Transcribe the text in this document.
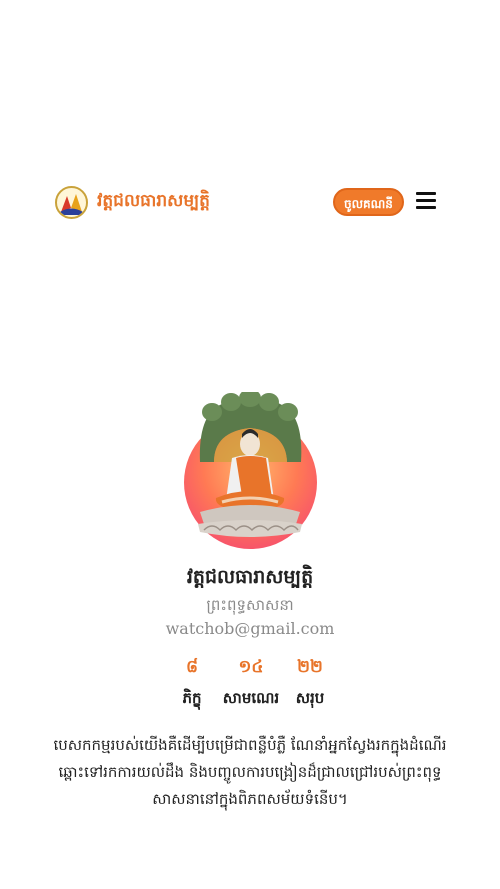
វត្តជលធារាសម្បត្តិ	ចូលគណនី
វត្តជលធារាសម្បត្តិ
ព្រះពុទ្ធសាសនា
watchob@gmail.com
៨
ភិក្ខុ
១៤
សាមណេរ
២២
សរុប
បេសកកម្មរបស់យើងគឺដើម្បីបម្រើជាពន្លឺបំភ្លឺ ណែនាំអ្នកស្វែងរកក្នុងដំណើរឆ្ពោះទៅរកការយល់ដឹង និងបញ្ចូលការបង្រៀនដ៏ជ្រាលជ្រៅរបស់ព្រះពុទ្ធសាសនានៅក្នុងពិភពសម័យទំនើប។
